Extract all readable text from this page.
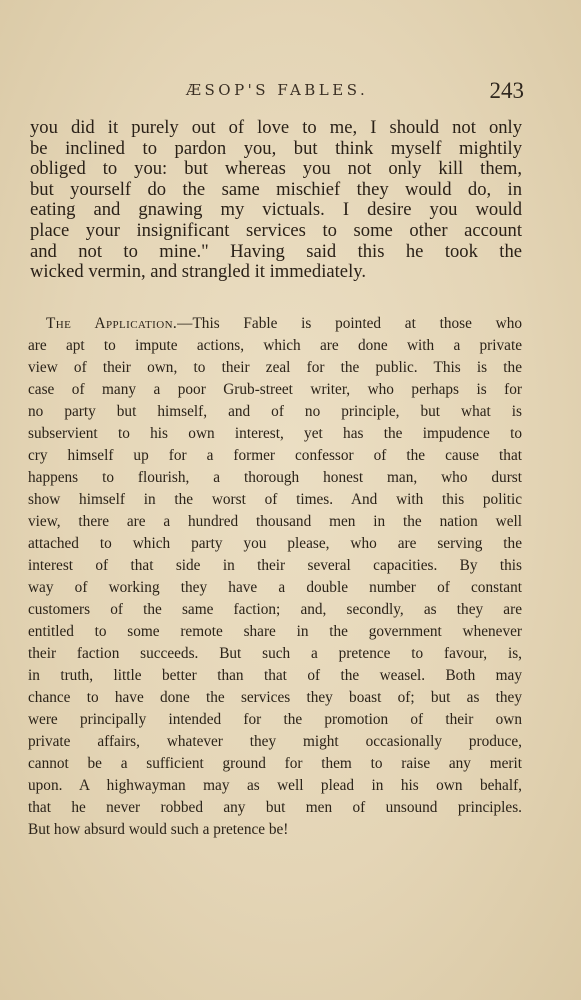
ÆSOP'S FABLES.	243
you did it purely out of love to me, I should not only
be inclined to pardon you, but think myself mightily
obliged to you: but whereas you not only kill them,
but yourself do the same mischief they would do, in
eating and gnawing my victuals. I desire you would
place your insignificant services to some other account
and not to mine." Having said this he took the
wicked vermin, and strangled it immediately.
The Application.—This Fable is pointed at those who
are apt to impute actions, which are done with a private
view of their own, to their zeal for the public. This is the
case of many a poor Grub-street writer, who perhaps is for
no party but himself, and of no principle, but what is
subservient to his own interest, yet has the impudence to
cry himself up for a former confessor of the cause that
happens to flourish, a thorough honest man, who durst
show himself in the worst of times. And with this politic
view, there are a hundred thousand men in the nation well
attached to which party you please, who are serving the
interest of that side in their several capacities. By this
way of working they have a double number of constant
customers of the same faction; and, secondly, as they are
entitled to some remote share in the government whenever
their faction succeeds. But such a pretence to favour, is,
in truth, little better than that of the weasel. Both may
chance to have done the services they boast of; but as they
were principally intended for the promotion of their own
private affairs, whatever they might occasionally produce,
cannot be a sufficient ground for them to raise any merit
upon. A highwayman may as well plead in his own behalf,
that he never robbed any but men of unsound principles.
But how absurd would such a pretence be!
